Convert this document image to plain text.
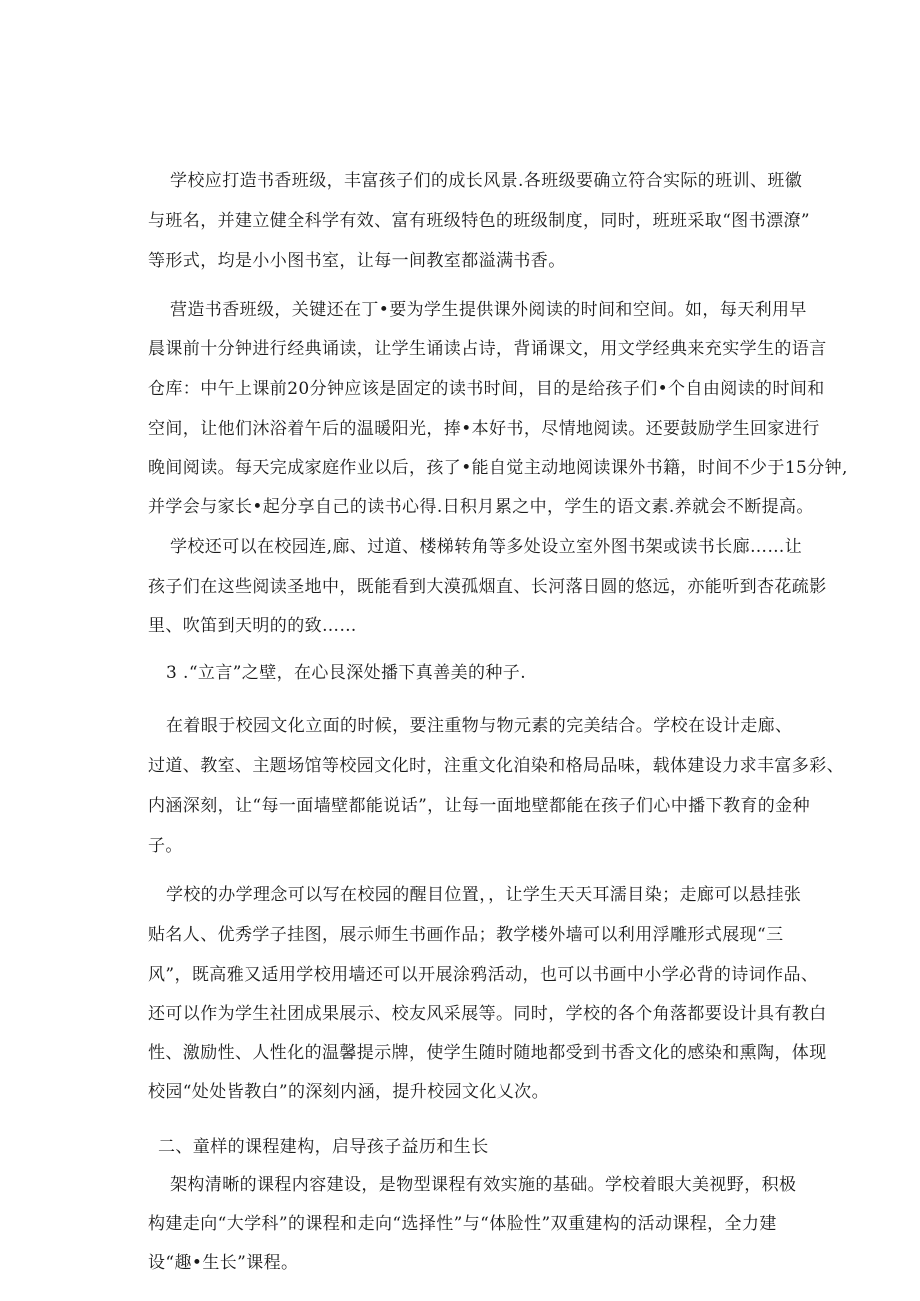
学校应打造书香班级，丰富孩子们的成长风景.各班级要确立符合实际的班训、班徽
与班名，并建立健全科学有效、富有班级特色的班级制度，同时，班班采取“图书漂潦”
等形式，均是小小图书室，让每一间教室都溢满书香。
营造书香班级，关键还在丁•要为学生提供课外阅读的时间和空间。如，每天利用早
晨课前十分钟进行经典诵读，让学生诵读占诗，背诵课文，用文学经典来充实学生的语言
仓库：中午上课前20分钟应该是固定的读书时间，目的是给孩子们•个自由阅读的时间和
空间，让他们沐浴着午后的温暖阳光，捧•本好书，尽情地阅读。还要鼓励学生回家进行
晚间阅读。每天完成家庭作业以后，孩了•能自觉主动地阅读课外书籍，时间不少于15分钟,
并学会与家长•起分享自己的读书心得.日积月累之中，学生的语文素.养就会不断提高。
学校还可以在校园连,廊、过道、楼梯转角等多处设立室外图书架或读书长廊……让
孩子们在这些阅读圣地中，既能看到大漠孤烟直、长河落日圆的悠远，亦能听到杏花疏影
里、吹笛到天明的的致……
3 .“立言”之壁，在心艮深处播下真善美的种子.
在着眼于校园文化立面的时候，要注重物与物元素的完美结合。学校在设计走廊、
过道、教室、主题场馆等校园文化时，注重文化洎染和格局品味，载体建设力求丰富多彩、
内涵深刻，让“每一面墙壁都能说话”，让每一面地壁都能在孩子们心中播下教育的金种
子。
学校的办学理念可以写在校园的醒目位置，，让学生天天耳濡目染；走廊可以悬挂张
贴名人、优秀学子挂图，展示师生书画作品；教学楼外墙可以利用浮雕形式展现“三
风”，既高雅又适用学校用墙还可以开展涂鸦活动，也可以书画中小学必背的诗词作品、
还可以作为学生社团成果展示、校友风采展等。同时，学校的各个角落都要设计具有教白
性、激励性、人性化的温馨提示牌，使学生随时随地都受到书香文化的感染和熏陶，体现
校园“处处皆教白”的深刻内涵，提升校园文化乂次。
二、童样的课程建构，启导孩子益历和生长
架构清晰的课程内容建设，是物型课程有效实施的基础。学校着眼大美视野，积极
构建走向“大学科”的课程和走向“选择性”与“体脸性”双重建构的活动课程，全力建
设“趣•生长”课程。
